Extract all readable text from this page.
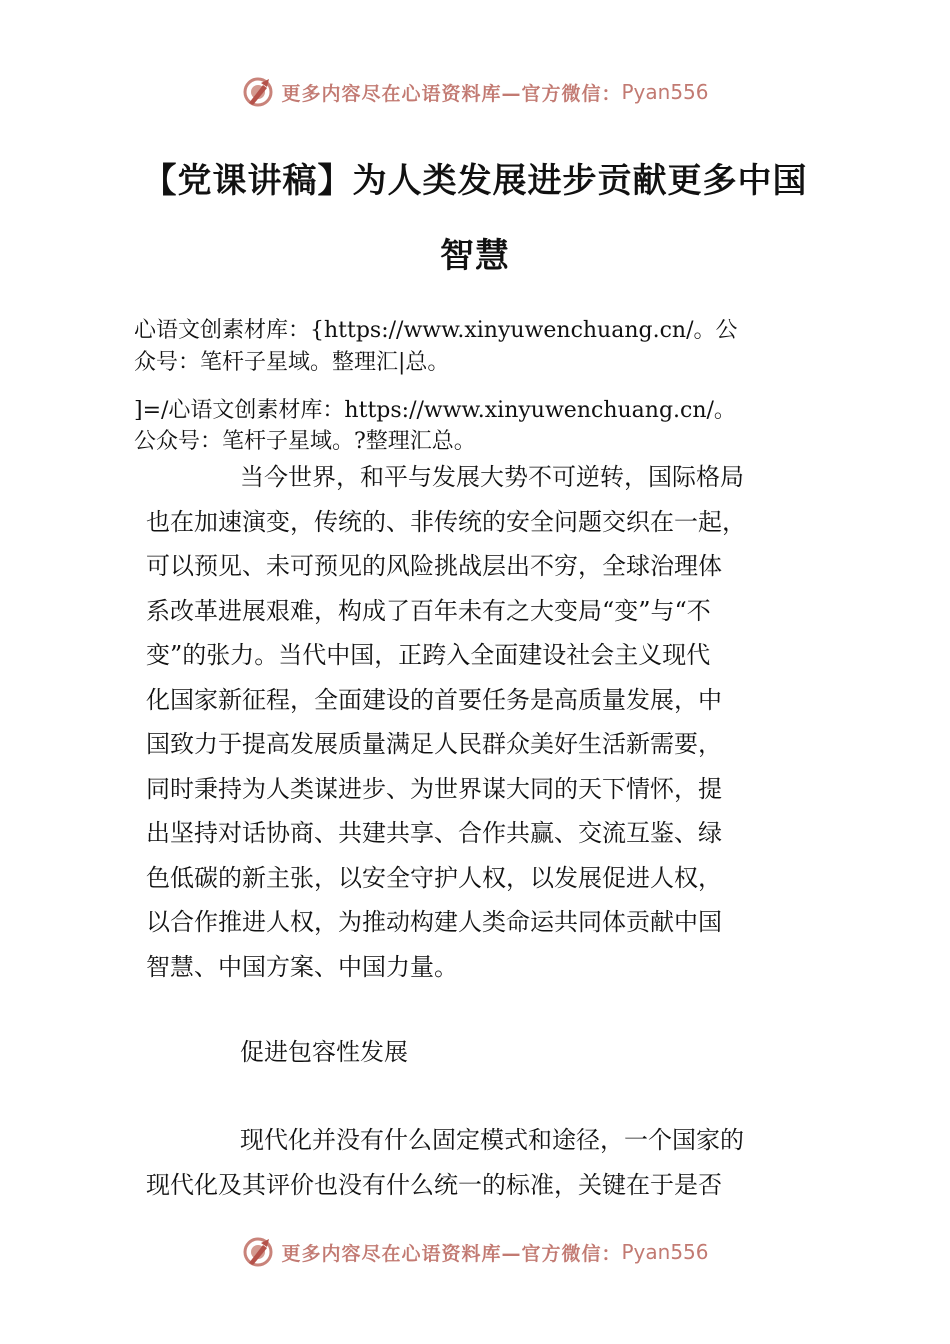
更多内容尽在心语资料库—官方微信： Pyan556
【党课讲稿】为人类发展进步贡献更多中国
智慧
心语文创素材库：{https://www.xinyuwenchuang.cn/。公
众号：笔杆子星域。整理汇|总。
]=/心语文创素材库：https://www.xinyuwenchuang.cn/。
公众号：笔杆子星域。?整理汇总。
当今世界，和平与发展大势不可逆转，国际格局
也在加速演变，传统的、非传统的安全问题交织在一起，
可以预见、未可预见的风险挑战层出不穷，全球治理体
系改革进展艰难，构成了百年未有之大变局“变”与“不
变”的张力。当代中国，正跨入全面建设社会主义现代
化国家新征程，全面建设的首要任务是高质量发展，中
国致力于提高发展质量满足人民群众美好生活新需要，
同时秉持为人类谋进步、为世界谋大同的天下情怀，提
出坚持对话协商、共建共享、合作共赢、交流互鉴、绿
色低碳的新主张，以安全守护人权，以发展促进人权，
以合作推进人权，为推动构建人类命运共同体贡献中国
智慧、中国方案、中国力量。
促进包容性发展
现代化并没有什么固定模式和途径，一个国家的
现代化及其评价也没有什么统一的标准，关键在于是否
更多内容尽在心语资料库—官方微信： Pyan556
